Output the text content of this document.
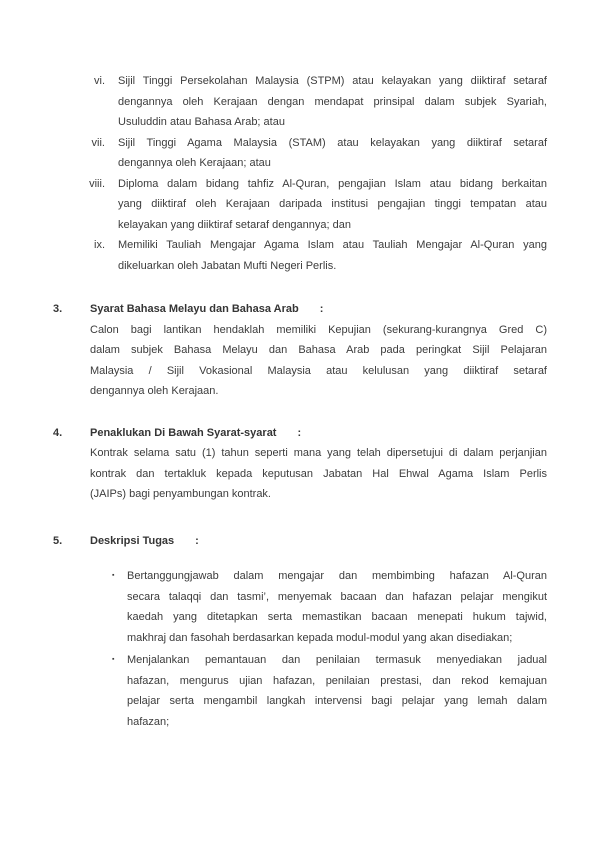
vi.	Sijil Tinggi Persekolahan Malaysia (STPM) atau kelayakan yang diiktiraf setaraf
dengannya oleh Kerajaan dengan mendapat prinsipal dalam subjek Syariah,
Usuluddin atau Bahasa Arab; atau
vii.	Sijil Tinggi Agama Malaysia (STAM) atau kelayakan yang diiktiraf setaraf
dengannya oleh Kerajaan; atau
viii.	Diploma dalam bidang tahfiz Al-Quran, pengajian Islam atau bidang berkaitan
yang diiktiraf oleh Kerajaan daripada institusi pengajian tinggi tempatan atau
kelayakan yang diiktiraf setaraf dengannya; dan
ix.	Memiliki Tauliah Mengajar Agama Islam atau Tauliah Mengajar Al-Quran yang
dikeluarkan oleh Jabatan Mufti Negeri Perlis.
3.	Syarat Bahasa Melayu dan Bahasa Arab :
Calon bagi lantikan hendaklah memiliki Kepujian (sekurang-kurangnya Gred C)
dalam subjek Bahasa Melayu dan Bahasa Arab pada peringkat Sijil Pelajaran
Malaysia / Sijil Vokasional Malaysia atau kelulusan yang diiktiraf setaraf
dengannya oleh Kerajaan.
4.	Penaklukan Di Bawah Syarat-syarat :
Kontrak selama satu (1) tahun seperti mana yang telah dipersetujui di dalam perjanjian
kontrak dan tertakluk kepada keputusan Jabatan Hal Ehwal Agama Islam Perlis
(JAIPs) bagi penyambungan kontrak.
5.	Deskripsi Tugas :
▪	Bertanggungjawab dalam mengajar dan membimbing hafazan Al-Quran
secara talaqqi dan tasmi’, menyemak bacaan dan hafazan pelajar mengikut
kaedah yang ditetapkan serta memastikan bacaan menepati hukum tajwid,
makhraj dan fasohah berdasarkan kepada modul-modul yang akan disediakan;
▪	Menjalankan pemantauan dan penilaian termasuk menyediakan jadual
hafazan, mengurus ujian hafazan, penilaian prestasi, dan rekod kemajuan
pelajar serta mengambil langkah intervensi bagi pelajar yang lemah dalam
hafazan;
